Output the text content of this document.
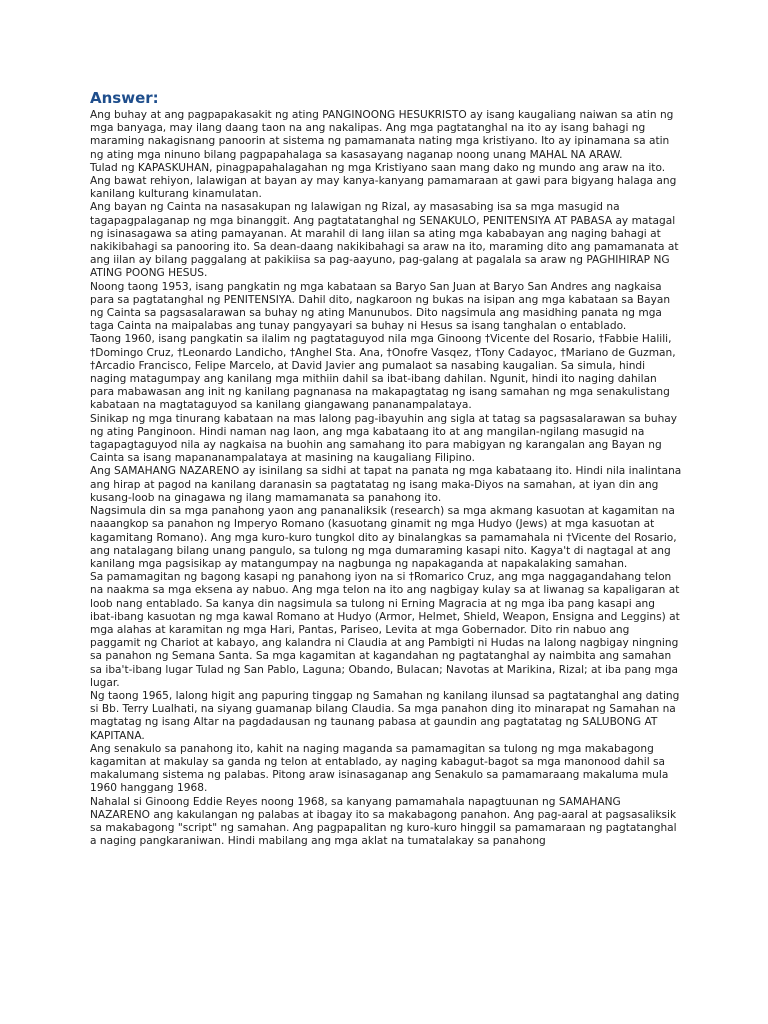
Answer:

Ang buhay at ang pagpapakasakit ng ating PANGINOONG HESUKRISTO ay isang kaugaliang naiwan sa atin ng mga banyaga, may ilang daang taon na ang nakalipas. Ang mga pagtatanghal na ito ay isang bahagi ng maraming nakagisnang panoorin at sistema ng pamamanata nating mga kristiyano. Ito ay ipinamana sa atin ng ating mga ninuno bilang pagpapahalaga sa kasasayang naganap noong unang MAHAL NA ARAW.

Tulad ng KAPASKUHAN, pinagpapahalagahan ng mga Kristiyano saan mang dako ng mundo ang araw na ito. Ang bawat rehiyon, lalawigan at bayan ay may kanya-kanyang pamamaraan at gawi para bigyang halaga ang kanilang kulturang kinamulatan.

Ang bayan ng Cainta na nasasakupan ng lalawigan ng Rizal, ay masasabing isa sa mga masugid na tagapagpalaganap ng mga binanggit. Ang pagtatatanghal ng SENAKULO, PENITENSIYA AT PABASA ay matagal ng isinasagawa sa ating pamayanan. At marahil di lang iilan sa ating mga kababayan ang naging bahagi at nakikibahagi sa panooring ito. Sa dean-daang nakikibahagi sa araw na ito, maraming dito ang pamamanata at ang iilan ay bilang paggalang at pakikiisa sa pag-aayuno, pag-galang at pagalala sa araw ng PAGHIHIRAP NG ATING POONG HESUS.

Noong taong 1953, isang pangkatin ng mga kabataan sa Baryo San Juan at Baryo San Andres ang nagkaisa para sa pagtatanghal ng PENITENSIYA. Dahil dito, nagkaroon ng bukas na isipan ang mga kabataan sa Bayan ng Cainta sa pagsasalarawan sa buhay ng ating Manunubos. Dito nagsimula ang masidhing panata ng mga taga Cainta na maipalabas ang tunay pangyayari sa buhay ni Hesus sa isang tanghalan o entablado.

Taong 1960, isang pangkatin sa ilalim ng pagtataguyod nila mga Ginoong †Vicente del Rosario, †Fabbie Halili, †Domingo Cruz, †Leonardo Landicho, †Anghel Sta. Ana, †Onofre Vasqez, †Tony Cadayoc, †Mariano de Guzman, †Arcadio Francisco, Felipe Marcelo, at David Javier ang pumalaot sa nasabing kaugalian. Sa simula, hindi naging matagumpay ang kanilang mga mithiin dahil sa ibat-ibang dahilan. Ngunit, hindi ito naging dahilan para mabawasan ang init ng kanilang pagnanasa na makapagtatag ng isang samahan ng mga senakulistang kabataan na magtataguyod sa kanilang giangawang pananampalataya.

Sinikap ng mga tinurang kabataan na mas lalong pag-ibayuhin ang sigla at tatag sa pagsasalarawan sa buhay ng ating Panginoon. Hindi naman nag laon, ang mga kabataang ito at ang mangilan-ngilang masugid na tagapagtaguyod nila ay nagkaisa na buohin ang samahang ito para mabigyan ng karangalan ang Bayan ng Cainta sa isang mapananampalataya at masining na kaugaliang Filipino.

Ang SAMAHANG NAZARENO ay isinilang sa sidhi at tapat na panata ng mga kabataang ito. Hindi nila inalintana ang hirap at pagod na kanilang daranasin sa pagtatatag ng isang maka-Diyos na samahan, at iyan din ang kusang-loob na ginagawa ng ilang mamamanata sa panahong ito.

Nagsimula din sa mga panahong yaon ang pananaliksik (research) sa mga akmang kasuotan at kagamitan na naaangkop sa panahon ng Imperyo Romano (kasuotang ginamit ng mga Hudyo (Jews) at mga kasuotan at kagamitang Romano). Ang mga kuro-kuro tungkol dito ay binalangkas sa pamamahala ni †Vicente del Rosario, ang natalagang bilang unang pangulo, sa tulong ng mga dumaraming kasapi nito. Kagya't di nagtagal at ang kanilang mga pagsisikap ay matangumpay na nagbunga ng napakaganda at napakalaking samahan.

Sa pamamagitan ng bagong kasapi ng panahong iyon na si †Romarico Cruz, ang mga naggagandahang telon na naakma sa mga eksena ay nabuo. Ang mga telon na ito ang nagbigay kulay sa at liwanag sa kapaligaran at loob nang entablado. Sa kanya din nagsimula sa tulong ni Erning Magracia at ng mga iba pang kasapi ang ibat-ibang kasuotan ng mga kawal Romano at Hudyo (Armor, Helmet, Shield, Weapon, Ensigna and Leggins) at mga alahas at karamitan ng mga Hari, Pantas, Pariseo, Levita at mga Gobernador. Dito rin nabuo ang paggamit ng Chariot at kabayo, ang kalandra ni Claudia at ang Pambigti ni Hudas na lalong nagbigay ningning sa panahon ng Semana Santa. Sa mga kagamitan at kagandahan ng pagtatanghal ay naimbita ang samahan sa iba't-ibang lugar Tulad ng San Pablo, Laguna; Obando, Bulacan; Navotas at Marikina, Rizal; at iba pang mga lugar.

Ng taong 1965, lalong higit ang papuring tinggap ng Samahan ng kanilang ilunsad sa pagtatanghal ang dating si Bb. Terry Lualhati, na siyang guamanap bilang Claudia. Sa mga panahon ding ito minarapat ng Samahan na magtatag ng isang Altar na pagdadausan ng taunang pabasa at gaundin ang pagtatatag ng SALUBONG AT KAPITANA.

Ang senakulo sa panahong ito, kahit na naging maganda sa pamamagitan sa tulong ng mga makabagong kagamitan at makulay sa ganda ng telon at entablado, ay naging kabagut-bagot sa mga manonood dahil sa makalumang sistema ng palabas. Pitong araw isinasaganap ang Senakulo sa pamamaraang makaluma mula 1960 hanggang 1968.

Nahalal si Ginoong Eddie Reyes noong 1968, sa kanyang pamamahala napagtuunan ng SAMAHANG NAZARENO ang kakulangan ng palabas at ibagay ito sa makabagong panahon. Ang pag-aaral at pagsasaliksik sa makabagong "script" ng samahan. Ang pagpapalitan ng kuro-kuro hinggil sa pamamaraan ng pagtatanghal a naging pangkaraniwan. Hindi mabilang ang mga aklat na tumatalakay sa panahong
